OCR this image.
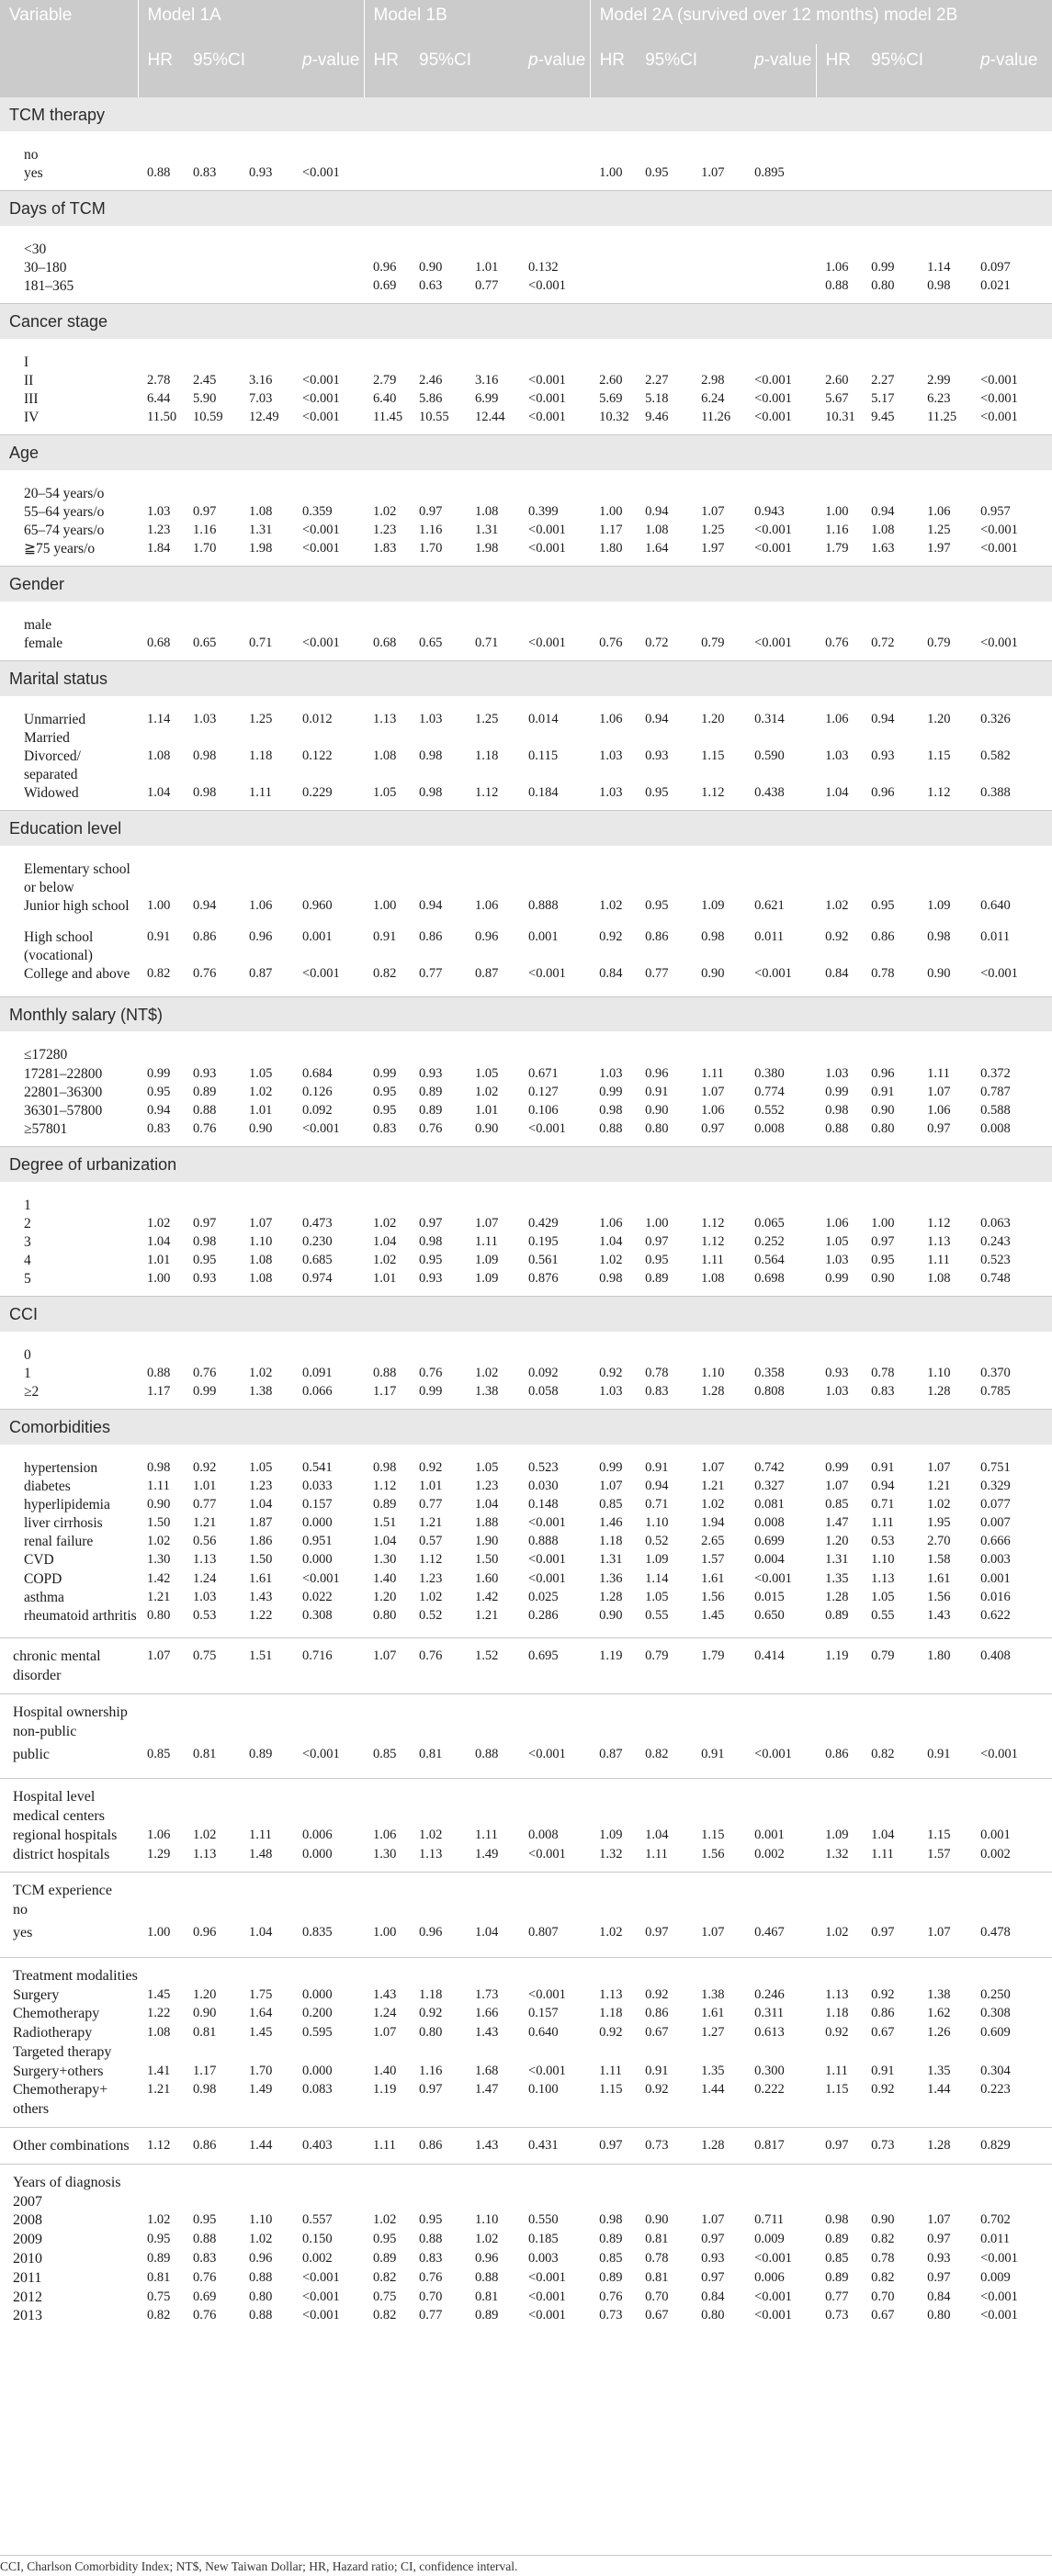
Variable	Model 1A				Model 1B				Model 2A (survived over 12 months) model 2B							
	HR	95%CI		p-value	HR	95%CI		p-value	HR	95%CI		p-value	HR	95%CI		p-value
TCM therapy																
no																
yes	0.88	0.83	0.93	<0.001					1.00	0.95	1.07	0.895				
Days of TCM																
<30																
30–180					0.96	0.90	1.01	0.132					1.06	0.99	1.14	0.097
181–365					0.69	0.63	0.77	<0.001					0.88	0.80	0.98	0.021
Cancer stage																
I																
II	2.78	2.45	3.16	<0.001	2.79	2.46	3.16	<0.001	2.60	2.27	2.98	<0.001	2.60	2.27	2.99	<0.001
III	6.44	5.90	7.03	<0.001	6.40	5.86	6.99	<0.001	5.69	5.18	6.24	<0.001	5.67	5.17	6.23	<0.001
IV	11.50	10.59	12.49	<0.001	11.45	10.55	12.44	<0.001	10.32	9.46	11.26	<0.001	10.31	9.45	11.25	<0.001
Age																
20–54 years/o																
55–64 years/o	1.03	0.97	1.08	0.359	1.02	0.97	1.08	0.399	1.00	0.94	1.07	0.943	1.00	0.94	1.06	0.957
65–74 years/o	1.23	1.16	1.31	<0.001	1.23	1.16	1.31	<0.001	1.17	1.08	1.25	<0.001	1.16	1.08	1.25	<0.001
≧75 years/o	1.84	1.70	1.98	<0.001	1.83	1.70	1.98	<0.001	1.80	1.64	1.97	<0.001	1.79	1.63	1.97	<0.001
Gender																
male																
female	0.68	0.65	0.71	<0.001	0.68	0.65	0.71	<0.001	0.76	0.72	0.79	<0.001	0.76	0.72	0.79	<0.001
Marital status																
Unmarried	1.14	1.03	1.25	0.012	1.13	1.03	1.25	0.014	1.06	0.94	1.20	0.314	1.06	0.94	1.20	0.326
Married																
Divorced/ separated	1.08	0.98	1.18	0.122	1.08	0.98	1.18	0.115	1.03	0.93	1.15	0.590	1.03	0.93	1.15	0.582
Widowed	1.04	0.98	1.11	0.229	1.05	0.98	1.12	0.184	1.03	0.95	1.12	0.438	1.04	0.96	1.12	0.388
Education level																
Elementary school or below																
Junior high school	1.00	0.94	1.06	0.960	1.00	0.94	1.06	0.888	1.02	0.95	1.09	0.621	1.02	0.95	1.09	0.640
High school (vocational)	0.91	0.86	0.96	0.001	0.91	0.86	0.96	0.001	0.92	0.86	0.98	0.011	0.92	0.86	0.98	0.011
College and above	0.82	0.76	0.87	<0.001	0.82	0.77	0.87	<0.001	0.84	0.77	0.90	<0.001	0.84	0.78	0.90	<0.001
Monthly salary (NT$)																
≤17280																
17281–22800	0.99	0.93	1.05	0.684	0.99	0.93	1.05	0.671	1.03	0.96	1.11	0.380	1.03	0.96	1.11	0.372
22801–36300	0.95	0.89	1.02	0.126	0.95	0.89	1.02	0.127	0.99	0.91	1.07	0.774	0.99	0.91	1.07	0.787
36301–57800	0.94	0.88	1.01	0.092	0.95	0.89	1.01	0.106	0.98	0.90	1.06	0.552	0.98	0.90	1.06	0.588
≥57801	0.83	0.76	0.90	<0.001	0.83	0.76	0.90	<0.001	0.88	0.80	0.97	0.008	0.88	0.80	0.97	0.008
Degree of urbanization																
1																
2	1.02	0.97	1.07	0.473	1.02	0.97	1.07	0.429	1.06	1.00	1.12	0.065	1.06	1.00	1.12	0.063
3	1.04	0.98	1.10	0.230	1.04	0.98	1.11	0.195	1.04	0.97	1.12	0.252	1.05	0.97	1.13	0.243
4	1.01	0.95	1.08	0.685	1.02	0.95	1.09	0.561	1.02	0.95	1.11	0.564	1.03	0.95	1.11	0.523
5	1.00	0.93	1.08	0.974	1.01	0.93	1.09	0.876	0.98	0.89	1.08	0.698	0.99	0.90	1.08	0.748
CCI																
0																
1	0.88	0.76	1.02	0.091	0.88	0.76	1.02	0.092	0.92	0.78	1.10	0.358	0.93	0.78	1.10	0.370
≥2	1.17	0.99	1.38	0.066	1.17	0.99	1.38	0.058	1.03	0.83	1.28	0.808	1.03	0.83	1.28	0.785
Comorbidities																
hypertension	0.98	0.92	1.05	0.541	0.98	0.92	1.05	0.523	0.99	0.91	1.07	0.742	0.99	0.91	1.07	0.751
diabetes	1.11	1.01	1.23	0.033	1.12	1.01	1.23	0.030	1.07	0.94	1.21	0.327	1.07	0.94	1.21	0.329
hyperlipidemia	0.90	0.77	1.04	0.157	0.89	0.77	1.04	0.148	0.85	0.71	1.02	0.081	0.85	0.71	1.02	0.077
liver cirrhosis	1.50	1.21	1.87	0.000	1.51	1.21	1.88	<0.001	1.46	1.10	1.94	0.008	1.47	1.11	1.95	0.007
renal failure	1.02	0.56	1.86	0.951	1.04	0.57	1.90	0.888	1.18	0.52	2.65	0.699	1.20	0.53	2.70	0.666
CVD	1.30	1.13	1.50	0.000	1.30	1.12	1.50	<0.001	1.31	1.09	1.57	0.004	1.31	1.10	1.58	0.003
COPD	1.42	1.24	1.61	<0.001	1.40	1.23	1.60	<0.001	1.36	1.14	1.61	<0.001	1.35	1.13	1.61	0.001
asthma	1.21	1.03	1.43	0.022	1.20	1.02	1.42	0.025	1.28	1.05	1.56	0.015	1.28	1.05	1.56	0.016
rheumatoid arthritis	0.80	0.53	1.22	0.308	0.80	0.52	1.21	0.286	0.90	0.55	1.45	0.650	0.89	0.55	1.43	0.622
chronic mental disorder	1.07	0.75	1.51	0.716	1.07	0.76	1.52	0.695	1.19	0.79	1.79	0.414	1.19	0.79	1.80	0.408
Hospital ownership																
non-public																
public	0.85	0.81	0.89	<0.001	0.85	0.81	0.88	<0.001	0.87	0.82	0.91	<0.001	0.86	0.82	0.91	<0.001
Hospital level																
medical centers																
regional hospitals	1.06	1.02	1.11	0.006	1.06	1.02	1.11	0.008	1.09	1.04	1.15	0.001	1.09	1.04	1.15	0.001
district hospitals	1.29	1.13	1.48	0.000	1.30	1.13	1.49	<0.001	1.32	1.11	1.56	0.002	1.32	1.11	1.57	0.002
TCM experience																
no																
yes	1.00	0.96	1.04	0.835	1.00	0.96	1.04	0.807	1.02	0.97	1.07	0.467	1.02	0.97	1.07	0.478
Treatment modalities																
Surgery	1.45	1.20	1.75	0.000	1.43	1.18	1.73	<0.001	1.13	0.92	1.38	0.246	1.13	0.92	1.38	0.250
Chemotherapy	1.22	0.90	1.64	0.200	1.24	0.92	1.66	0.157	1.18	0.86	1.61	0.311	1.18	0.86	1.62	0.308
Radiotherapy	1.08	0.81	1.45	0.595	1.07	0.80	1.43	0.640	0.92	0.67	1.27	0.613	0.92	0.67	1.26	0.609
Targeted therapy																
Surgery+others	1.41	1.17	1.70	0.000	1.40	1.16	1.68	<0.001	1.11	0.91	1.35	0.300	1.11	0.91	1.35	0.304
Chemotherapy+ others	1.21	0.98	1.49	0.083	1.19	0.97	1.47	0.100	1.15	0.92	1.44	0.222	1.15	0.92	1.44	0.223
Other combinations	1.12	0.86	1.44	0.403	1.11	0.86	1.43	0.431	0.97	0.73	1.28	0.817	0.97	0.73	1.28	0.829
Years of diagnosis																
2007																
2008	1.02	0.95	1.10	0.557	1.02	0.95	1.10	0.550	0.98	0.90	1.07	0.711	0.98	0.90	1.07	0.702
2009	0.95	0.88	1.02	0.150	0.95	0.88	1.02	0.185	0.89	0.81	0.97	0.009	0.89	0.82	0.97	0.011
2010	0.89	0.83	0.96	0.002	0.89	0.83	0.96	0.003	0.85	0.78	0.93	<0.001	0.85	0.78	0.93	<0.001
2011	0.81	0.76	0.88	<0.001	0.82	0.76	0.88	<0.001	0.89	0.81	0.97	0.006	0.89	0.82	0.97	0.009
2012	0.75	0.69	0.80	<0.001	0.75	0.70	0.81	<0.001	0.76	0.70	0.84	<0.001	0.77	0.70	0.84	<0.001
2013	0.82	0.76	0.88	<0.001	0.82	0.77	0.89	<0.001	0.73	0.67	0.80	<0.001	0.73	0.67	0.80	<0.001
CCI, Charlson Comorbidity Index; NT$, New Taiwan Dollar; HR, Hazard ratio; CI, confidence interval.
